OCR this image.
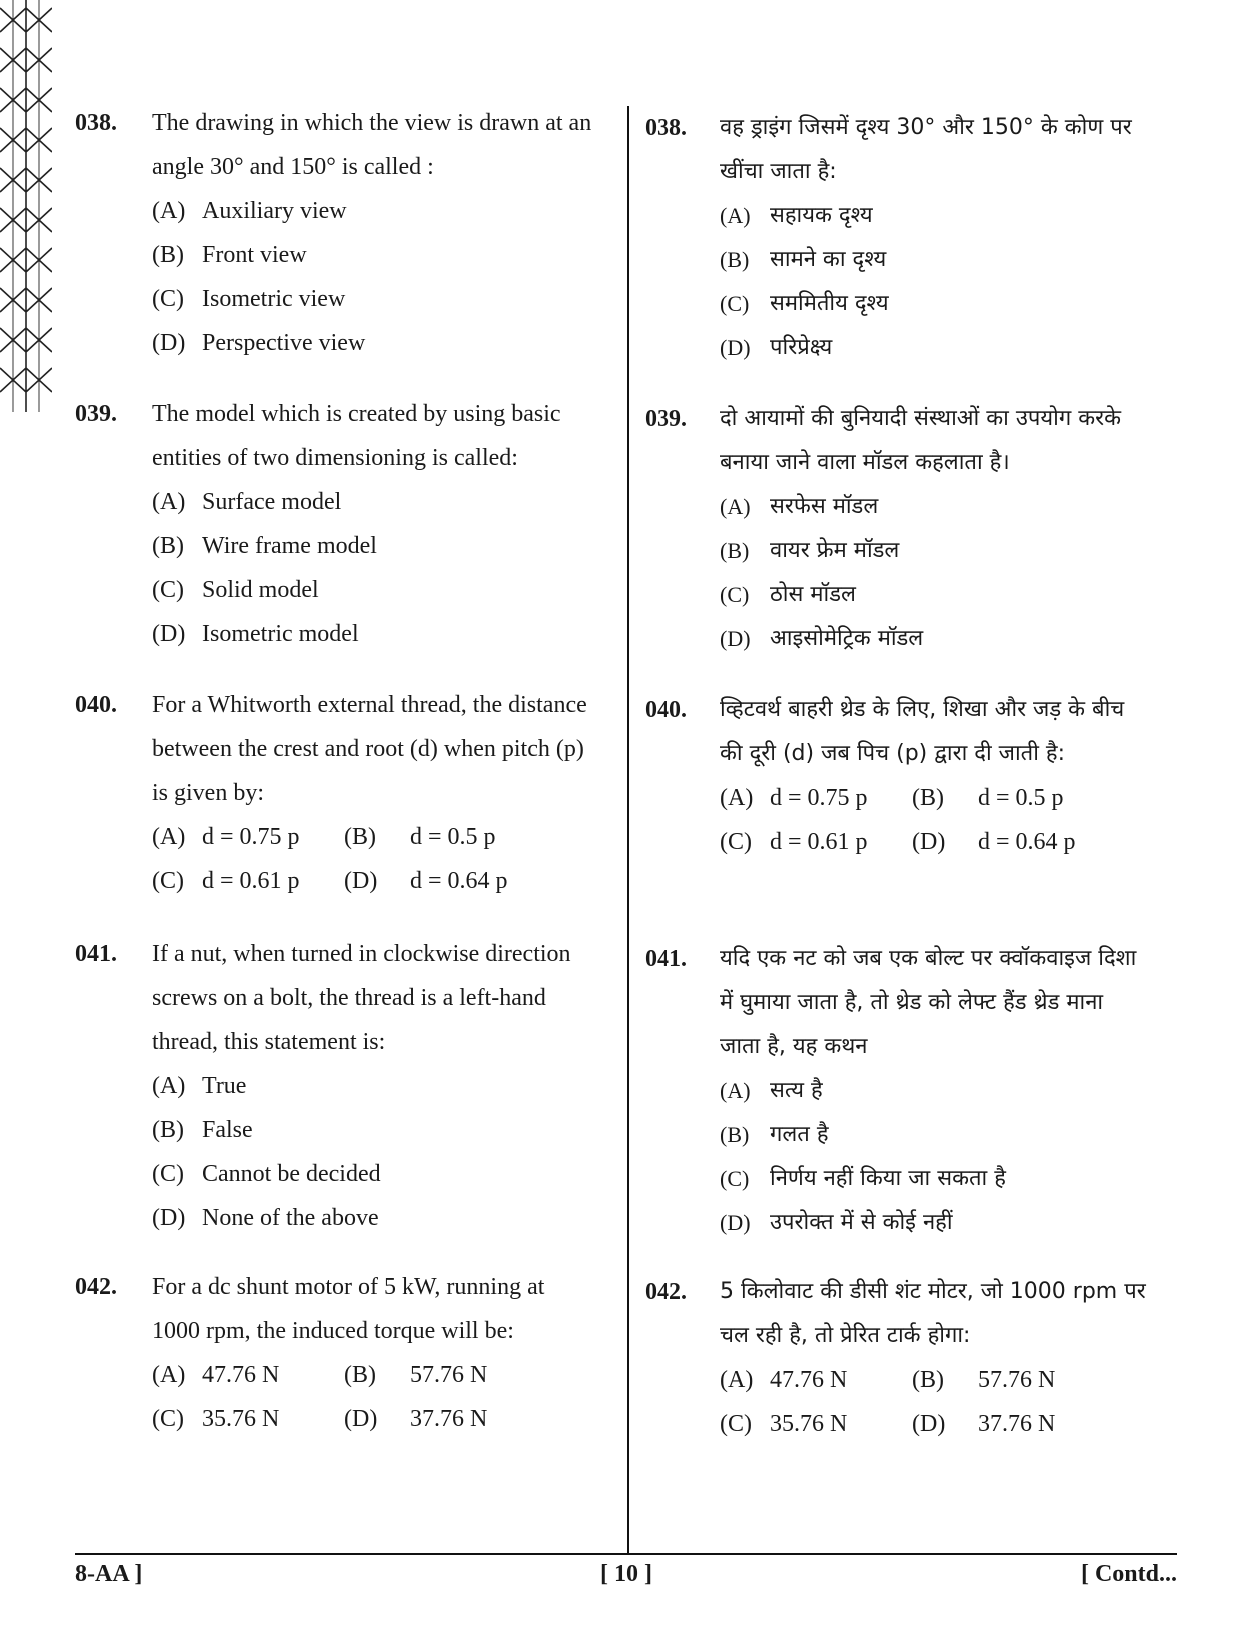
038. The drawing in which the view is drawn at an
angle 30° and 150° is called :
(A) Auxiliary view
(B) Front view
(C) Isometric view
(D) Perspective view
038. वह ड्राइंग जिसमें दृश्य 30° और 150° के कोण पर
खींचा जाता है:
(A) सहायक दृश्य
(B) सामने का दृश्य
(C) सममितीय दृश्य
(D) परिप्रेक्ष्य
039. The model which is created by using basic
entities of two dimensioning is called:
(A) Surface model
(B) Wire frame model
(C) Solid model
(D) Isometric model
039. दो आयामों की बुनियादी संस्थाओं का उपयोग करके
बनाया जाने वाला मॉडल कहलाता है।
(A) सरफेस मॉडल
(B) वायर फ्रेम मॉडल
(C) ठोस मॉडल
(D) आइसोमेट्रिक मॉडल
040. For a Whitworth external thread, the distance
between the crest and root (d) when pitch (p)
is given by:
(A) d = 0.75 p (B)	d = 0.5 p
(C) d = 0.61 p (D)	d = 0.64 p
040. व्हिटवर्थ बाहरी थ्रेड के लिए, शिखा और जड़ के बीच
की दूरी (d) जब पिच (p) द्वारा दी जाती है:
(A) d = 0.75 p (B)	d = 0.5 p
(C) d = 0.61 p (D)	d = 0.64 p
041. If a nut, when turned in clockwise direction
screws on a bolt, the thread is a left-hand
thread, this statement is:
(A) True
(B) False
(C) Cannot be decided
(D) None of the above
041. यदि एक नट को जब एक बोल्ट पर क्वॉकवाइज दिशा
में घुमाया जाता है, तो थ्रेड को लेफ्ट हैंड थ्रेड माना
जाता है, यह कथन
(A) सत्य है
(B) गलत है
(C) निर्णय नहीं किया जा सकता है
(D) उपरोक्त में से कोई नहीं
042. For a dc shunt motor of 5 kW, running at
1000 rpm, the induced torque will be:
(A) 47.76 N	(B)	57.76 N
(C) 35.76 N	(D)	37.76 N
042. 5 किलोवाट की डीसी शंट मोटर, जो 1000 rpm पर
चल रही है, तो प्रेरित टार्क होगा:
(A) 47.76 N	(B)	57.76 N
(C) 35.76 N	(D)	37.76 N
8-AA ]	[ 10 ]	[ Contd...
